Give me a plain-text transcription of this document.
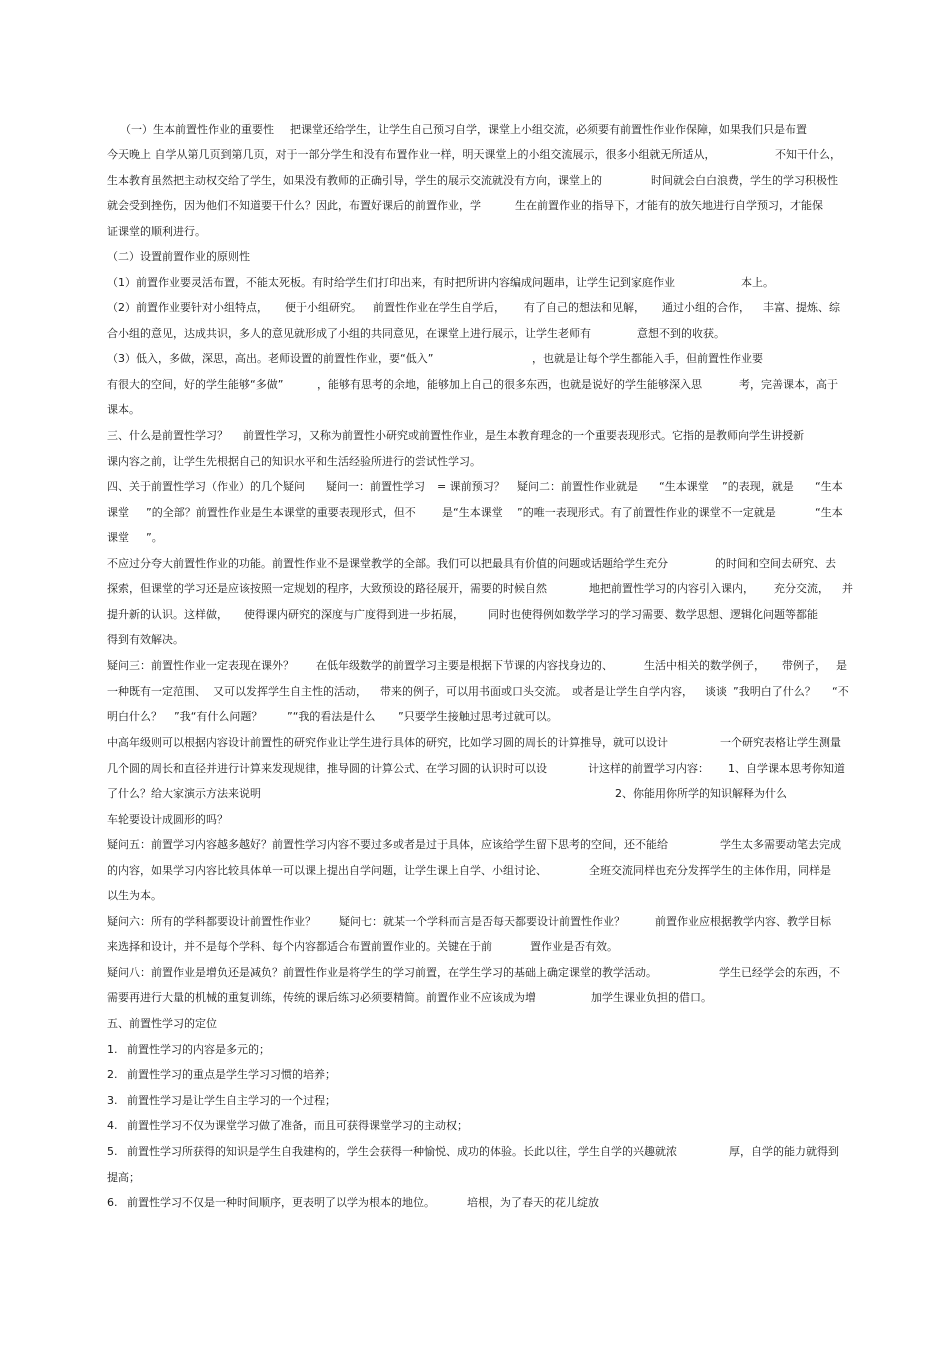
（一）生本前置性作业的重要性 把课堂还给学生，让学生自己预习自学，课堂上小组交流，必须要有前置性作业作保障，如果我们只是布置
今天晚上 自学从第几页到第几页，对于一部分学生和没有布置作业一样，明天课堂上的小组交流展示，很多小组就无所适从，	不知干什么，
生本教育虽然把主动权交给了学生，如果没有教师的正确引导，学生的展示交流就没有方向，课堂上的	时间就会白白浪费，学生的学习积极性
就会受到挫伤，因为他们不知道要干什么？因此，布置好课后的前置作业，学	生在前置作业的指导下，才能有的放矢地进行自学预习，才能保
证课堂的顺利进行。
（二）设置前置作业的原则性
（1）前置作业要灵活布置，不能太死板。有时给学生们打印出来，有时把所讲内容编成问题串，让学生记到家庭作业	本上。
（2）前置作业要针对小组特点， 便于小组研究。 前置性作业在学生自学后， 有了自己的想法和见解， 通过小组的合作， 丰富、提炼、综
合小组的意见，达成共识，多人的意见就形成了小组的共同意见，在课堂上进行展示，让学生老师有	意想不到的收获。
（3）低入，多做，深思，高出。老师设置的前置性作业，要“低入”	，也就是让每个学生都能入手，但前置性作业要
有很大的空间，好的学生能够“多做”	，能够有思考的余地，能够加上自己的很多东西，也就是说好的学生能够深入思	考，完善课本，高于
课本。
三、什么是前置性学习？ 前置性学习，又称为前置性小研究或前置性作业，是生本教育理念的一个重要表现形式。它指的是教师向学生讲授新
课内容之前，让学生先根据自己的知识水平和生活经验所进行的尝试性学习。
四、关于前置性学习（作业）的几个疑问 疑问一：前置性学习 = 课前预习？ 疑问二：前置性作业就是 “生本课堂 ”的表现，就是 “生本
课堂 ”的全部？前置性作业是生本课堂的重要表现形式，但不 是“生本课堂 ”的唯一表现形式。有了前置性作业的课堂不一定就是	“生本
课堂 ”。
不应过分夸大前置性作业的功能。前置性作业不是课堂教学的全部。我们可以把最具有价值的问题或话题给学生充分	的时间和空间去研究、去
探索，但课堂的学习还是应该按照一定规划的程序，大致预设的路径展开，需要的时候自然	地把前置性学习的内容引入课内， 充分交流， 并
提升新的认识。这样做， 使得课内研究的深度与广度得到进一步拓展， 同时也使得例如数学学习的学习需要、数学思想、逻辑化问题等都能
得到有效解决。
疑问三：前置性作业一定表现在课外？ 在低年级数学的前置学习主要是根据下节课的内容找身边的、	生活中相关的数学例子， 带例子， 是
一种既有一定范围、 又可以发挥学生自主性的活动， 带来的例子，可以用书面或口头交流。 或者是让学生自学内容， 谈谈 ”我明白了什么？ “不
明白什么？ ”我“有什么问题？ ”“我的看法是什么 ”只要学生接触过思考过就可以。
中高年级则可以根据内容设计前置性的研究作业让学生进行具体的研究，比如学习圆的周长的计算推导，就可以设计	一个研究表格让学生测量
几个圆的周长和直径并进行计算来发现规律，推导圆的计算公式、在学习圆的认识时可以设	计这样的前置学习内容： 1、自学课本思考你知道
了什么？给大家演示方法来说明	2、你能用你所学的知识解释为什么
车轮要设计成圆形的吗？
疑问五：前置学习内容越多越好？前置性学习内容不要过多或者是过于具体，应该给学生留下思考的空间，还不能给	学生太多需要动笔去完成
的内容，如果学习内容比较具体单一可以课上提出自学问题，让学生课上自学、小组讨论、	全班交流同样也充分发挥学生的主体作用，同样是
以生为本。
疑问六：所有的学科都要设计前置性作业？ 疑问七：就某一个学科而言是否每天都要设计前置性作业？	前置作业应根据教学内容、教学目标
来选择和设计，并不是每个学科、每个内容都适合布置前置作业的。关键在于前	置作业是否有效。
疑问八：前置作业是增负还是减负？前置性作业是将学生的学习前置，在学生学习的基础上确定课堂的教学活动。	学生已经学会的东西，不
需要再进行大量的机械的重复训练，传统的课后练习必须要精简。前置作业不应该成为增	加学生课业负担的借口。
五、前置性学习的定位
1. 前置性学习的内容是多元的；
2. 前置性学习的重点是学生学习习惯的培养；
3. 前置性学习是让学生自主学习的一个过程；
4. 前置性学习不仅为课堂学习做了准备，而且可获得课堂学习的主动权；
5. 前置性学习所获得的知识是学生自我建构的，学生会获得一种愉悦、成功的体验。长此以往，学生自学的兴趣就浓	厚，自学的能力就得到
提高；
6. 前置性学习不仅是一种时间顺序，更表明了以学为根本的地位。	培根，为了春天的花儿绽放
